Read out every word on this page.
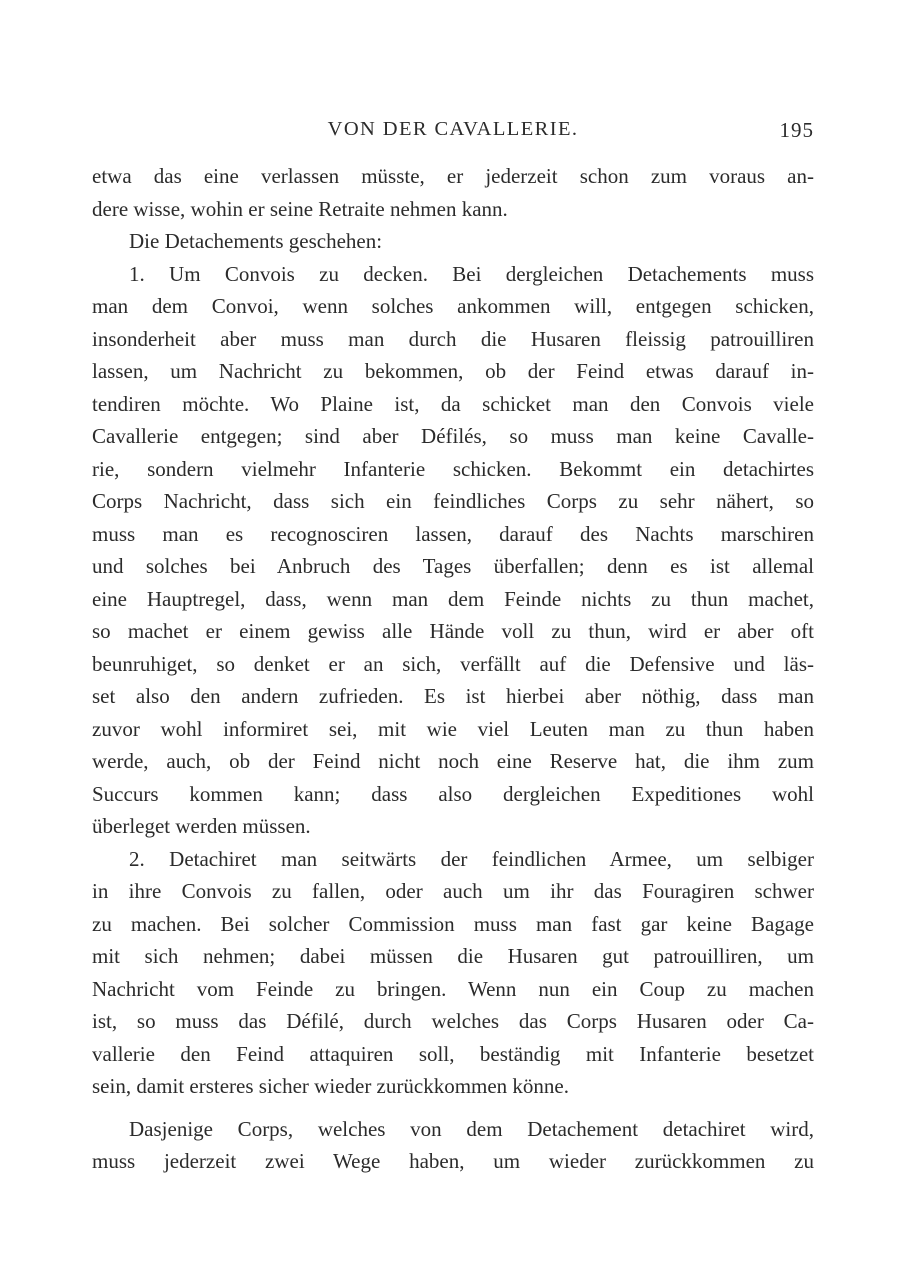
VON DER CAVALLERIE.	195
etwa das eine verlassen müsste, er jederzeit schon zum voraus an-
dere wisse, wohin er seine Retraite nehmen kann.
Die Detachements geschehen:
1. Um Convois zu decken. Bei dergleichen Detachements muss
man dem Convoi, wenn solches ankommen will, entgegen schicken,
insonderheit aber muss man durch die Husaren fleissig patrouilliren
lassen, um Nachricht zu bekommen, ob der Feind etwas darauf in-
tendiren möchte. Wo Plaine ist, da schicket man den Convois viele
Cavallerie entgegen; sind aber Défilés, so muss man keine Cavalle-
rie, sondern vielmehr Infanterie schicken. Bekommt ein detachirtes
Corps Nachricht, dass sich ein feindliches Corps zu sehr nähert, so
muss man es recognosciren lassen, darauf des Nachts marschiren
und solches bei Anbruch des Tages überfallen; denn es ist allemal
eine Hauptregel, dass, wenn man dem Feinde nichts zu thun machet,
so machet er einem gewiss alle Hände voll zu thun, wird er aber oft
beunruhiget, so denket er an sich, verfällt auf die Defensive und läs-
set also den andern zufrieden. Es ist hierbei aber nöthig, dass man
zuvor wohl informiret sei, mit wie viel Leuten man zu thun haben
werde, auch, ob der Feind nicht noch eine Reserve hat, die ihm zum
Succurs kommen kann; dass also dergleichen Expeditiones wohl
überleget werden müssen.
2. Detachiret man seitwärts der feindlichen Armee, um selbiger
in ihre Convois zu fallen, oder auch um ihr das Fouragiren schwer
zu machen. Bei solcher Commission muss man fast gar keine Bagage
mit sich nehmen; dabei müssen die Husaren gut patrouilliren, um
Nachricht vom Feinde zu bringen. Wenn nun ein Coup zu machen
ist, so muss das Défilé, durch welches das Corps Husaren oder Ca-
vallerie den Feind attaquiren soll, beständig mit Infanterie besetzet
sein, damit ersteres sicher wieder zurückkommen könne.
Dasjenige Corps, welches von dem Detachement detachiret wird,
muss jederzeit zwei Wege haben, um wieder zurückkommen zu
